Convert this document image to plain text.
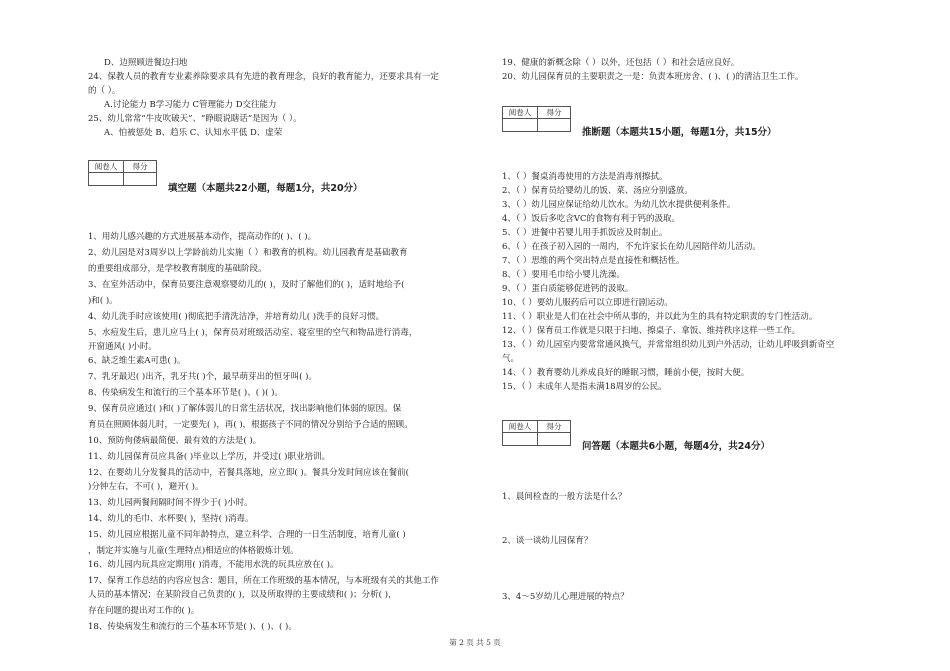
D、边照顾进餐边扫地
24、保教人员的教育专业素养除要求具有先进的教育理念，良好的教育能力，还要求具有一定
的（ ）。
A.讨论能力 B学习能力 C管理能力 D交往能力
25、幼儿常常“牛皮吹破天”、“睁眼说瞎话”是因为（ ）。
A、怕被惩处 B、趋乐 C、认知水平低 D、虚荣
阅卷人	得分

填空题（本题共22小题，每题1分，共20分）
1、用幼儿感兴趣的方式进展基本动作，提高动作的( )、( )。
2、幼儿园是对3周岁以上学龄前幼儿实施（ ）和教育的机构。幼儿园教育是基础教育
的重要组成部分，是学校教育制度的基础阶段。
3、在室外活动中，保育员要注意观察婴幼儿的( )，及时了解他们的( )，适时地给予(
)和( )。
4、幼儿洗手时应该使用( )彻底把手清洗洁净，并培育幼儿( )洗手的良好习惯。
5、水痘发生后，患儿应马上( )，保育员对班级活动室、寝室里的空气和物品进行消毒，
开窗通风( )小时。
6、缺乏维生素A可患( )。
7、乳牙最迟( )出齐，乳牙共( )个，最早萌芽出的恒牙叫( )。
8、传染病发生和流行的三个基本环节是( )、( )( )。
9、保育员应通过( )和( )了解体弱儿的日常生活状况，找出影响他们体弱的原因。保
育员在照顾体弱儿时，一定要先( )，再( )，根据孩子不同的情况分别给予合适的照顾。
10、预防佝偻病最简便、最有效的方法是( )。
11、幼儿园保育员应具备( )毕业以上学历，并受过( )职业培训。
12、在婴幼儿分发餐具的活动中，若餐具落地，应立即( )。餐具分发时间应该在餐前(
)分钟左右，不可( )，避开( )。
13、幼儿园两餐间隔时间不得少于( )小时。
14、幼儿的毛巾、水杯要( )，坚持( )消毒。
15、幼儿园应根据儿童不同年龄特点，建立科学、合理的一日生活制度，培育儿童( )
，制定并实施与儿童(生理特点)相适应的体格锻炼计划。
16、幼儿园内玩具应定期用( )消毒，不能用水洗的玩具应放在( )。
17、保育工作总结的内容应包含：题目，所在工作班级的基本情况，与本班级有关的其他工作
人员的基本情况；在某阶段自己负责的( )，以及所取得的主要成绩和( )；分析( )，
存在问题的提出对工作的( )。
18、传染病发生和流行的三个基本环节是( )、( )、( )。
19、健康的新概念除（ ）以外，还包括（ ）和社会适应良好。
20、幼儿园保育员的主要职责之一是：负责本班房舍、( )、( )的清洁卫生工作。
阅卷人	得分

推断题（本题共15小题，每题1分，共15分）
1、（ ）餐桌消毒使用的方法是消毒剂擦拭。
2、（ ）保育员给婴幼儿的饭、菜、汤应分别盛放。
3、（ ）幼儿园应保证给幼儿饮水。为幼儿饮水提供便利条件。
4、（ ）饭后多吃含VC的食物有利于钙的汲取。
5、（ ）进餐中若婴儿用手抓饭应及时制止。
6、（ ）在孩子初入园的一周内，不允许家长在幼儿园陪伴幼儿活动。
7、（ ）思维的两个突出特点是直接性和概括性。
8、（ ）要用毛巾给小婴儿洗澡。
9、（ ）蛋白质能够促进钙的汲取。
10、（ ）要幼儿服药后可以立即进行剧运动。
11、（ ）职业是人们在社会中所从事的，并以此为生的具有特定职责的专门性活动。
12、（ ）保育员工作就是只限于扫地、擦桌子、拿饭、维持秩序这样一些工作。
13、（ ）幼儿园室内要常常通风换气，并常常组织幼儿到户外活动，让幼儿呼吸到新奇空
气。
14、（ ）教育婴幼儿养成良好的睡眠习惯，睡前小便，按时大便。
15、（ ）未成年人是指未满18周岁的公民。
阅卷人	得分

问答题（本题共6小题，每题4分，共24分）
1、晨间检查的一般方法是什么？
2、谈一谈幼儿园保育？
3、4～5岁幼儿心理进展的特点？
第 2 页 共 5 页
